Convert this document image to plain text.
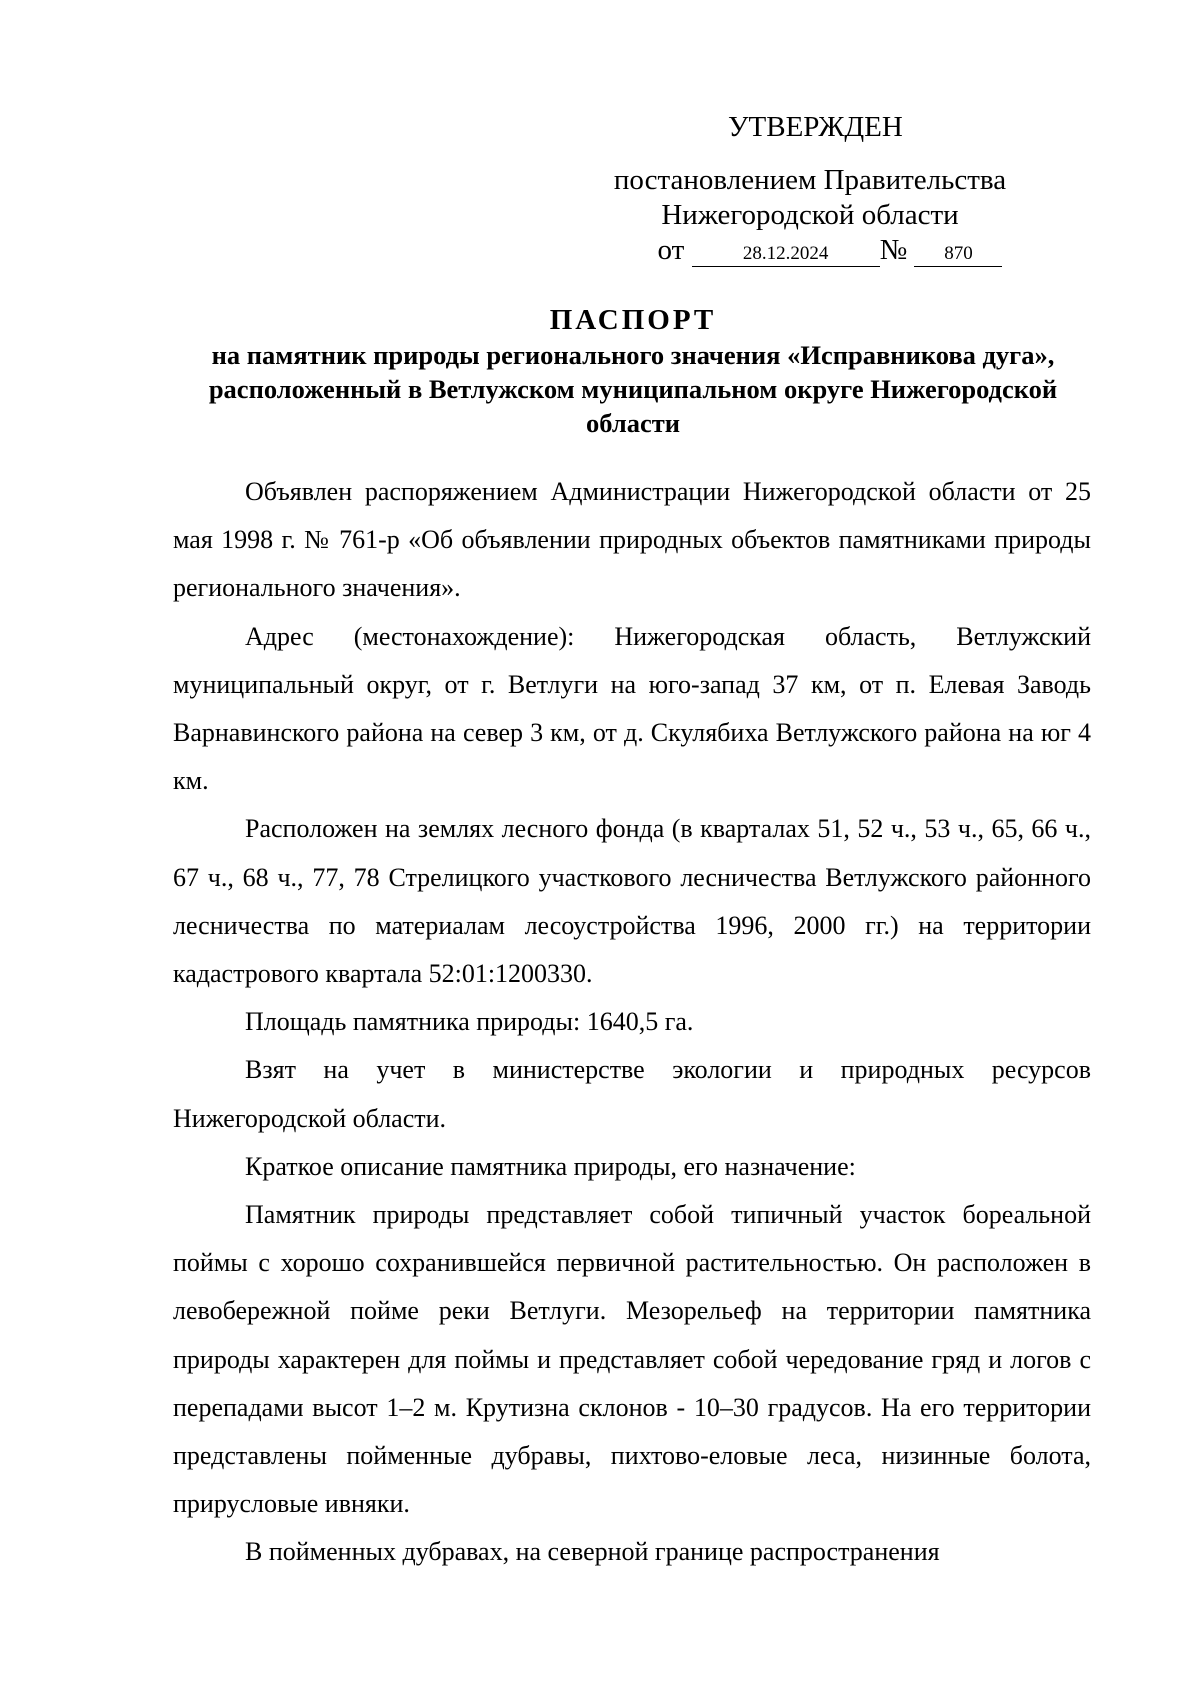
УТВЕРЖДЕН
постановлением Правительства
Нижегородской области
от	28.12.2024 № 870
ПАСПОРТ
на памятник природы регионального значения «Исправникова дуга», расположенный в Ветлужском муниципальном округе Нижегородской области

Объявлен распоряжением Администрации Нижегородской области от 25 мая 1998 г. № 761-р «Об объявлении природных объектов памятниками природы регионального значения».

Адрес (местонахождение): Нижегородская область, Ветлужский муниципальный округ, от г. Ветлуги на юго-запад 37 км, от п. Елевая Заводь Варнавинского района на север 3 км, от д. Скулябиха Ветлужского района на юг 4 км.

Расположен на землях лесного фонда (в кварталах 51, 52 ч., 53 ч., 65, 66 ч., 67 ч., 68 ч., 77, 78 Стрелицкого участкового лесничества Ветлужского районного лесничества по материалам лесоустройства 1996, 2000 гг.) на территории кадастрового квартала 52:01:1200330.

Площадь памятника природы: 1640,5 га.

Взят на учет в министерстве экологии и природных ресурсов Нижегородской области.

Краткое описание памятника природы, его назначение:

Памятник природы представляет собой типичный участок бореальной поймы с хорошо сохранившейся первичной растительностью. Он расположен в левобережной пойме реки Ветлуги. Мезорельеф на территории памятника природы характерен для поймы и представляет собой чередование гряд и логов с перепадами высот 1–2 м. Крутизна склонов - 10–30 градусов. На его территории представлены пойменные дубравы, пихтово-еловые леса, низинные болота, прирусловые ивняки.

В пойменных дубравах, на северной границе распространения
